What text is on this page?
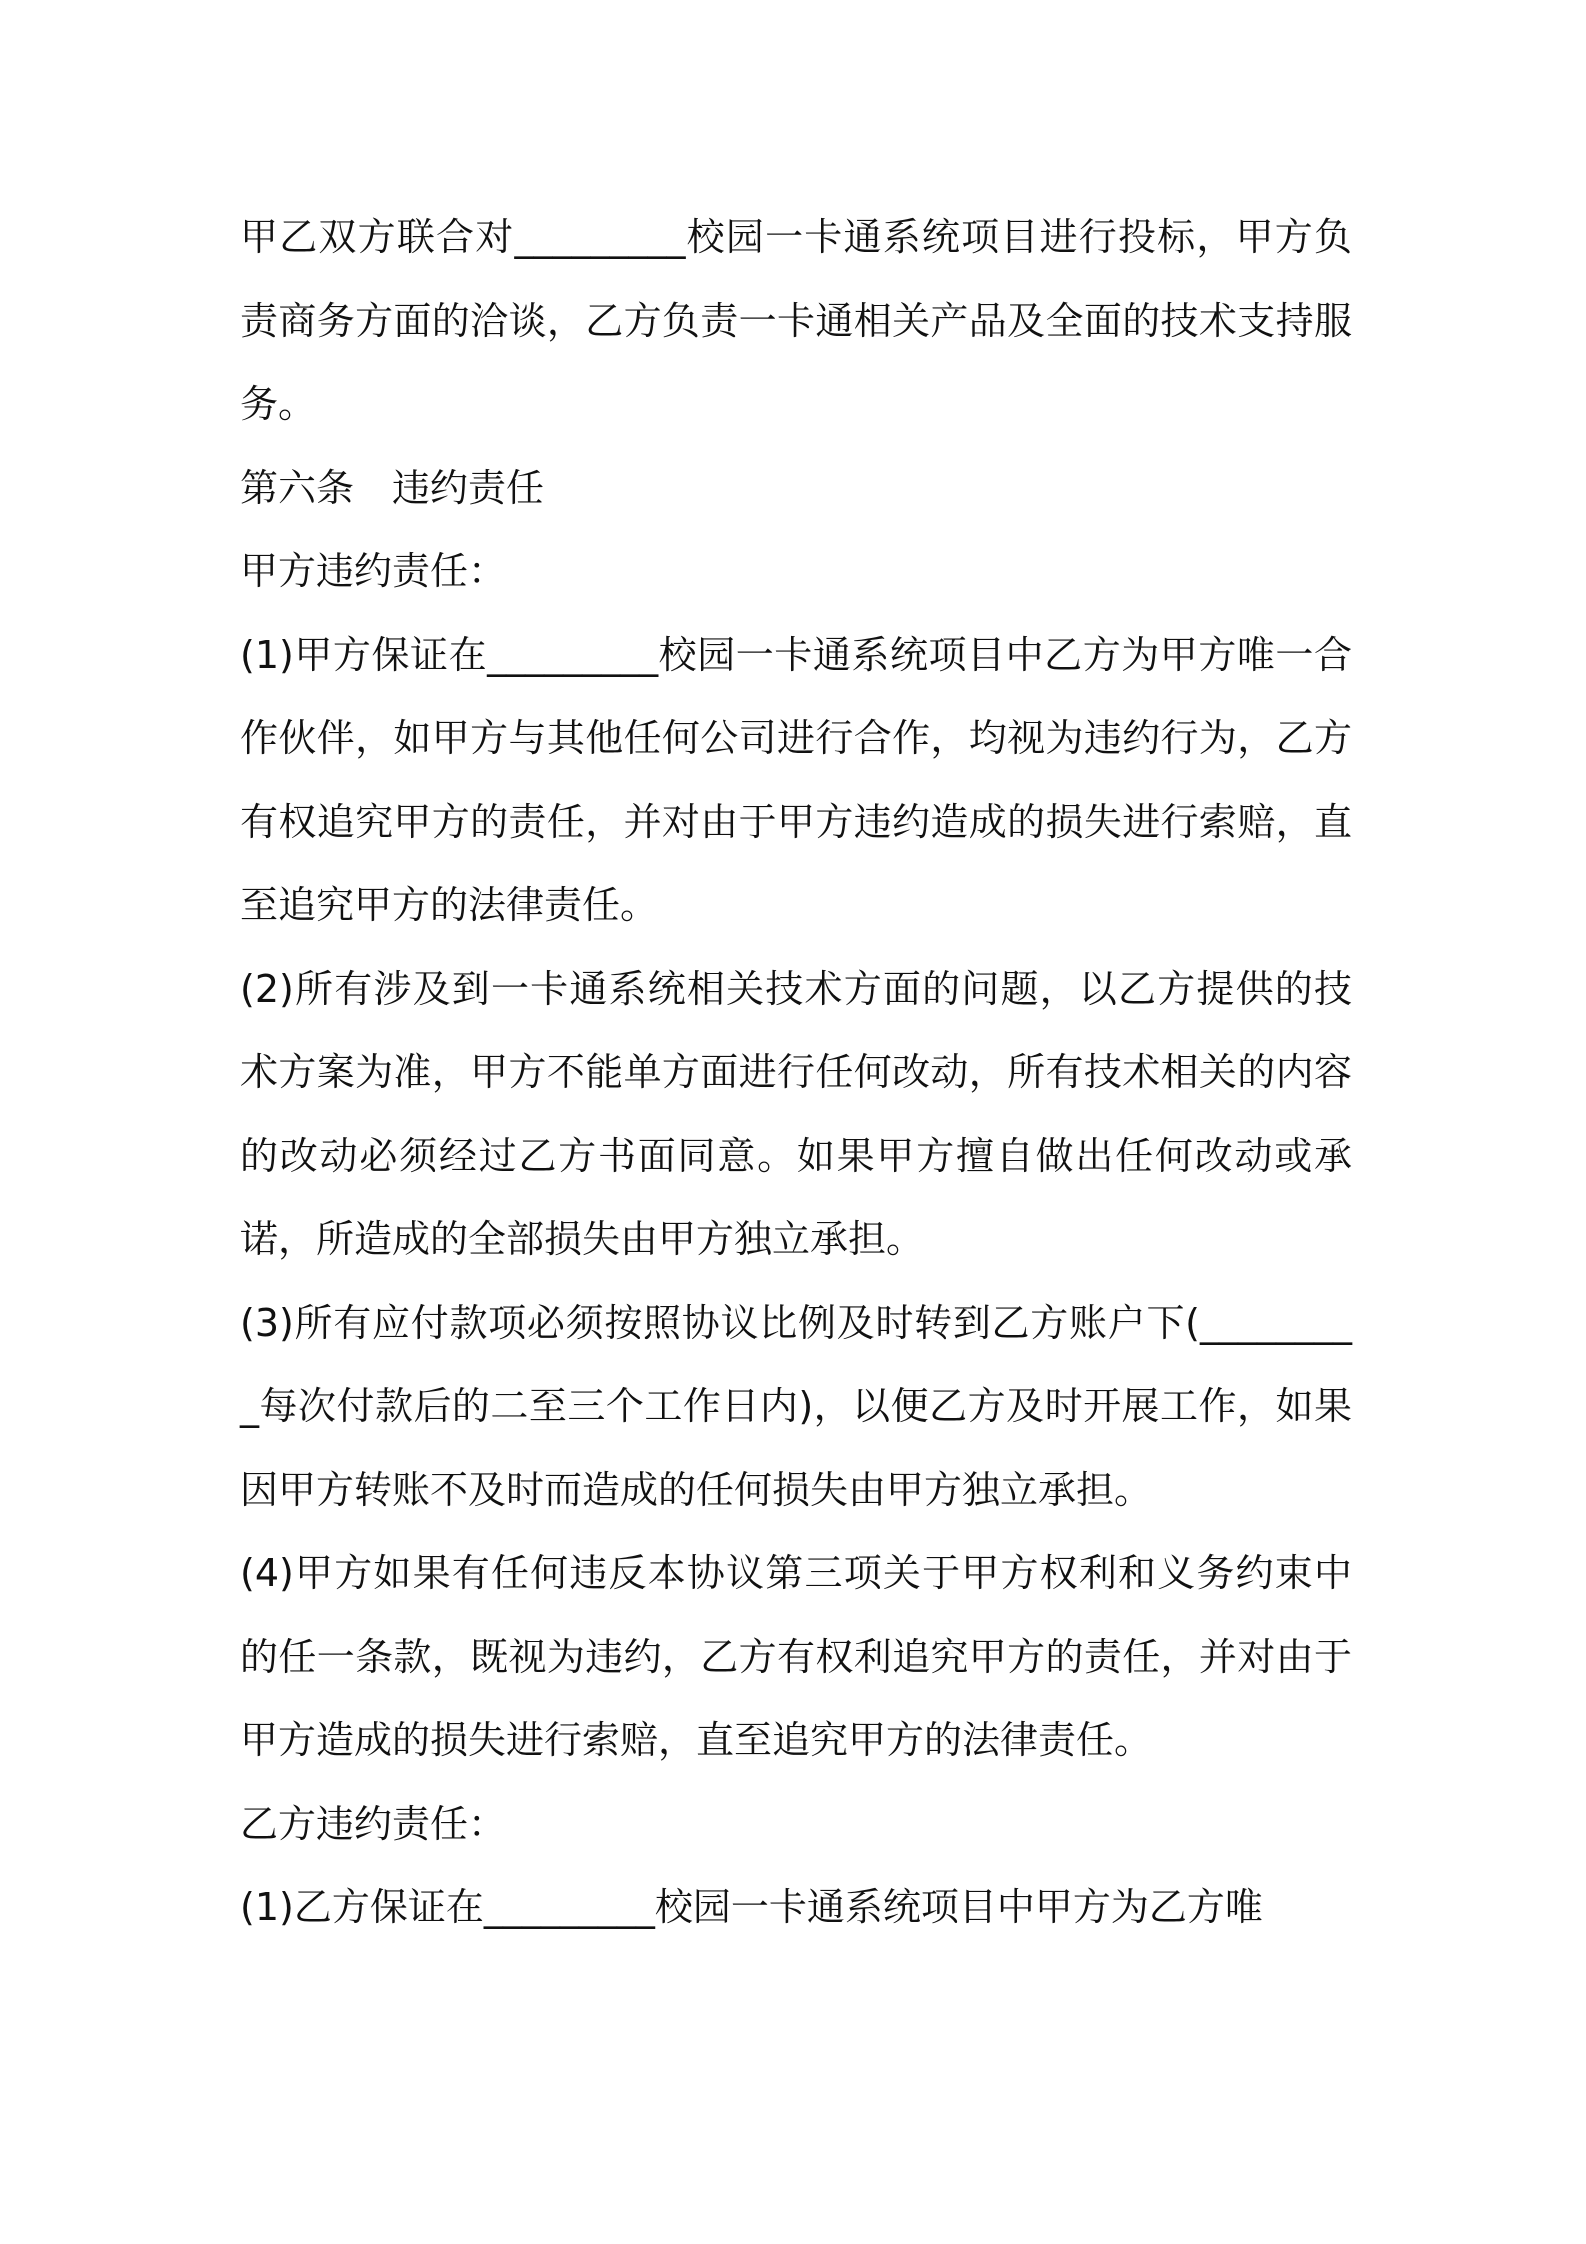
甲乙双方联合对_________校园一卡通系统项目进行投标，甲方负责商务方面的洽谈，乙方负责一卡通相关产品及全面的技术支持服务。

第六条　违约责任

甲方违约责任：

(1)甲方保证在_________校园一卡通系统项目中乙方为甲方唯一合作伙伴，如甲方与其他任何公司进行合作，均视为违约行为，乙方有权追究甲方的责任，并对由于甲方违约造成的损失进行索赔，直至追究甲方的法律责任。

(2)所有涉及到一卡通系统相关技术方面的问题，以乙方提供的技术方案为准，甲方不能单方面进行任何改动，所有技术相关的内容的改动必须经过乙方书面同意。如果甲方擅自做出任何改动或承诺，所造成的全部损失由甲方独立承担。

(3)所有应付款项必须按照协议比例及时转到乙方账户下(_________每次付款后的二至三个工作日内)，以便乙方及时开展工作，如果因甲方转账不及时而造成的任何损失由甲方独立承担。

(4)甲方如果有任何违反本协议第三项关于甲方权利和义务约束中的任一条款，既视为违约，乙方有权利追究甲方的责任，并对由于甲方造成的损失进行索赔，直至追究甲方的法律责任。

乙方违约责任：

(1)乙方保证在_________校园一卡通系统项目中甲方为乙方唯
